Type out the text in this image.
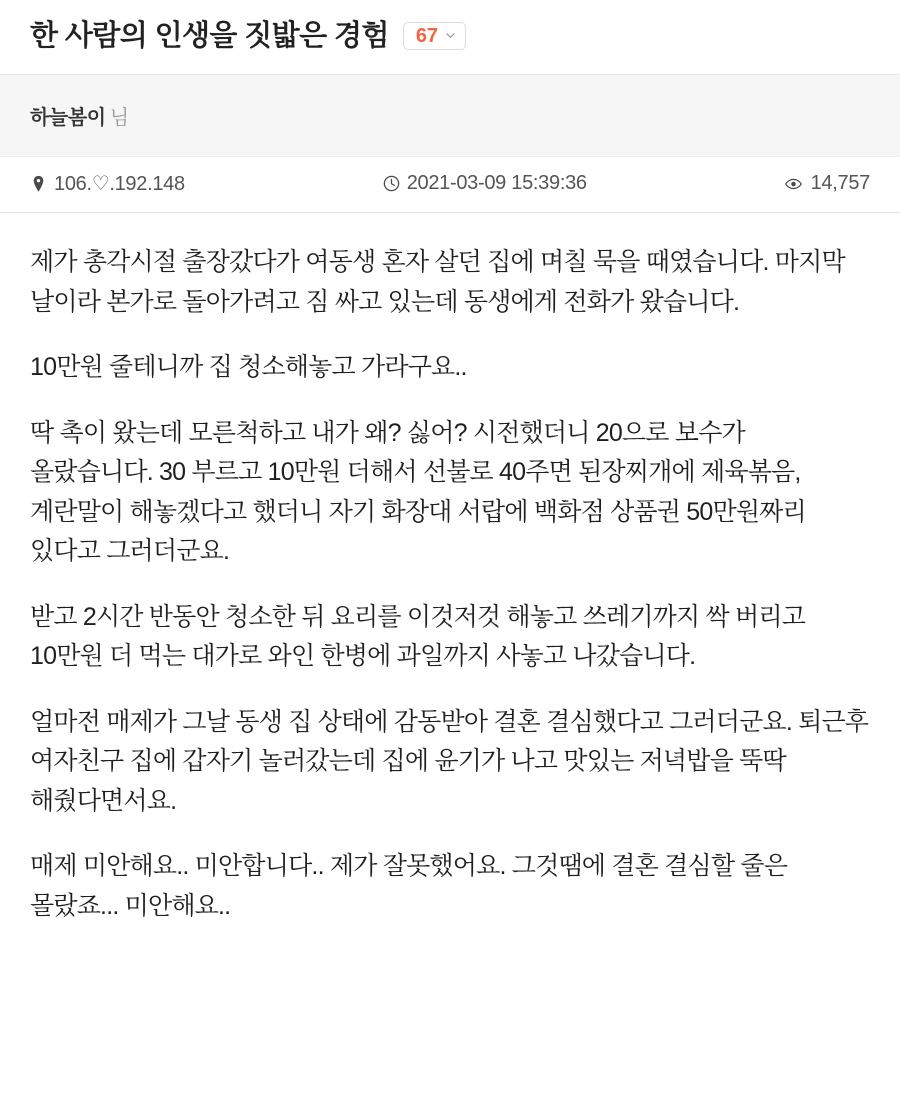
한 사람의 인생을 짓밟은 경험 67
하늘봄이 님
106.♡.192.148	2021-03-09 15:39:36	14,757

제가 총각시절 출장갔다가 여동생 혼자 살던 집에 며칠 묵을 때였습니다. 마지막 날이라 본가로 돌아가려고 짐 싸고 있는데 동생에게 전화가 왔습니다.

10만원 줄테니까 집 청소해놓고 가라구요..

딱 촉이 왔는데 모른척하고 내가 왜? 싫어? 시전했더니 20으로 보수가 올랐습니다. 30 부르고 10만원 더해서 선불로 40주면 된장찌개에 제육볶음, 계란말이 해놓겠다고 했더니 자기 화장대 서랍에 백화점 상품권 50만원짜리 있다고 그러더군요.

받고 2시간 반동안 청소한 뒤 요리를 이것저것 해놓고 쓰레기까지 싹 버리고 10만원 더 먹는 대가로 와인 한병에 과일까지 사놓고 나갔습니다.

얼마전 매제가 그날 동생 집 상태에 감동받아 결혼 결심했다고 그러더군요. 퇴근후 여자친구 집에 갑자기 놀러갔는데 집에 윤기가 나고 맛있는 저녁밥을 뚝딱 해줬다면서요.

매제 미안해요.. 미안합니다.. 제가 잘못했어요. 그것땜에 결혼 결심할 줄은 몰랐죠... 미안해요..
